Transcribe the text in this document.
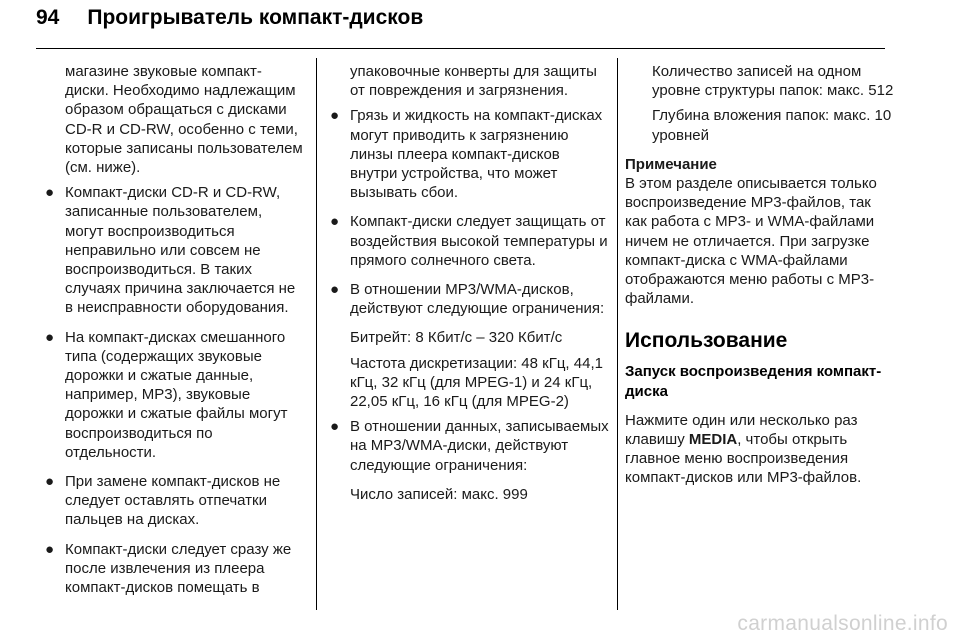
94 Проигрыватель компакт-дисков

магазине звуковые компакт-диски. Необходимо надлежащим образом обращаться с дисками CD-R и CD-RW, особенно с теми, которые записаны пользователем (см. ниже).

● Компакт-диски CD-R и CD-RW, записанные пользователем, могут воспроизводиться неправильно или совсем не воспроизводиться. В таких случаях причина заключается не в неисправности оборудования.
● На компакт-дисках смешанного типа (содержащих звуковые дорожки и сжатые данные, например, MP3), звуковые дорожки и сжатые файлы могут воспроизводиться по отдельности.
● При замене компакт-дисков не следует оставлять отпечатки пальцев на дисках.
● Компакт-диски следует сразу же после извлечения из плеера компакт-дисков помещать в

упаковочные конверты для защиты от повреждения и загрязнения.

● Грязь и жидкость на компакт-дисках могут приводить к загрязнению линзы плеера компакт-дисков внутри устройства, что может вызывать сбои.
● Компакт-диски следует защищать от воздействия высокой температуры и прямого солнечного света.
● В отношении MP3/WMA-дисков, действуют следующие ограничения:

Битрейт: 8 Кбит/с – 320 Кбит/с

Частота дискретизации: 48 кГц, 44,1 кГц, 32 кГц (для MPEG-1) и 24 кГц, 22,05 кГц, 16 кГц (для MPEG-2)

● В отношении данных, записываемых на MP3/WMA-диски, действуют следующие ограничения:

Число записей: макс. 999

Количество записей на одном уровне структуры папок: макс. 512

Глубина вложения папок: макс. 10 уровней

Примечание

В этом разделе описывается только воспроизведение MP3-файлов, так как работа с MP3- и WMA-файлами ничем не отличается. При загрузке компакт-диска с WMA-файлами отображаются меню работы с MP3-файлами.

Использование
Запуск воспроизведения компакт-диска

Нажмите один или несколько раз клавишу MEDIA, чтобы открыть главное меню воспроизведения компакт-дисков или MP3-файлов.

carmanualsonline.info
